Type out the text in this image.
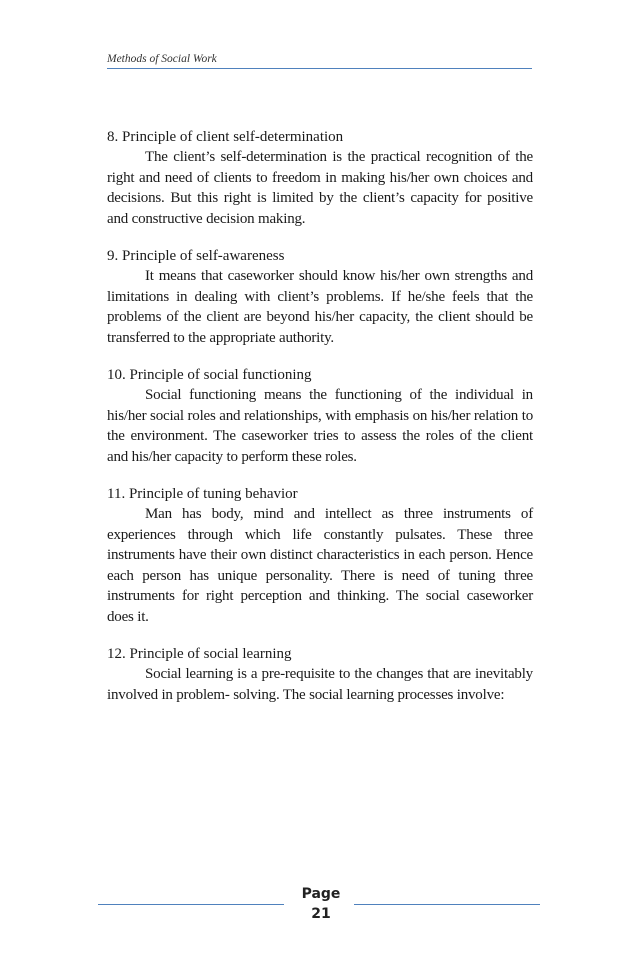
Methods of Social Work

8. Principle of client self-determination

The client’s self-determination is the practical recognition of the right and need of clients to freedom in making his/her own choices and decisions. But this right is limited by the client’s capacity for positive and constructive decision making.

9. Principle of self-awareness

It means that caseworker should know his/her own strengths and limitations in dealing with client’s problems. If he/she feels that the problems of the client are beyond his/her capacity, the client should be transferred to the appropriate authority.

10. Principle of social functioning

Social functioning means the functioning of the individual in his/her social roles and relationships, with emphasis on his/her relation to the environment. The caseworker tries to assess the roles of the client and his/her capacity to perform these roles.

11. Principle of tuning behavior

Man has body, mind and intellect as three instruments of experiences through which life constantly pulsates. These three instruments have their own distinct characteristics in each person. Hence each person has unique personality. There is need of tuning three instruments for right perception and thinking. The social caseworker does it.

12. Principle of social learning

Social learning is a pre-requisite to the changes that are inevitably involved in problem- solving. The social learning processes involve:

Page
21
